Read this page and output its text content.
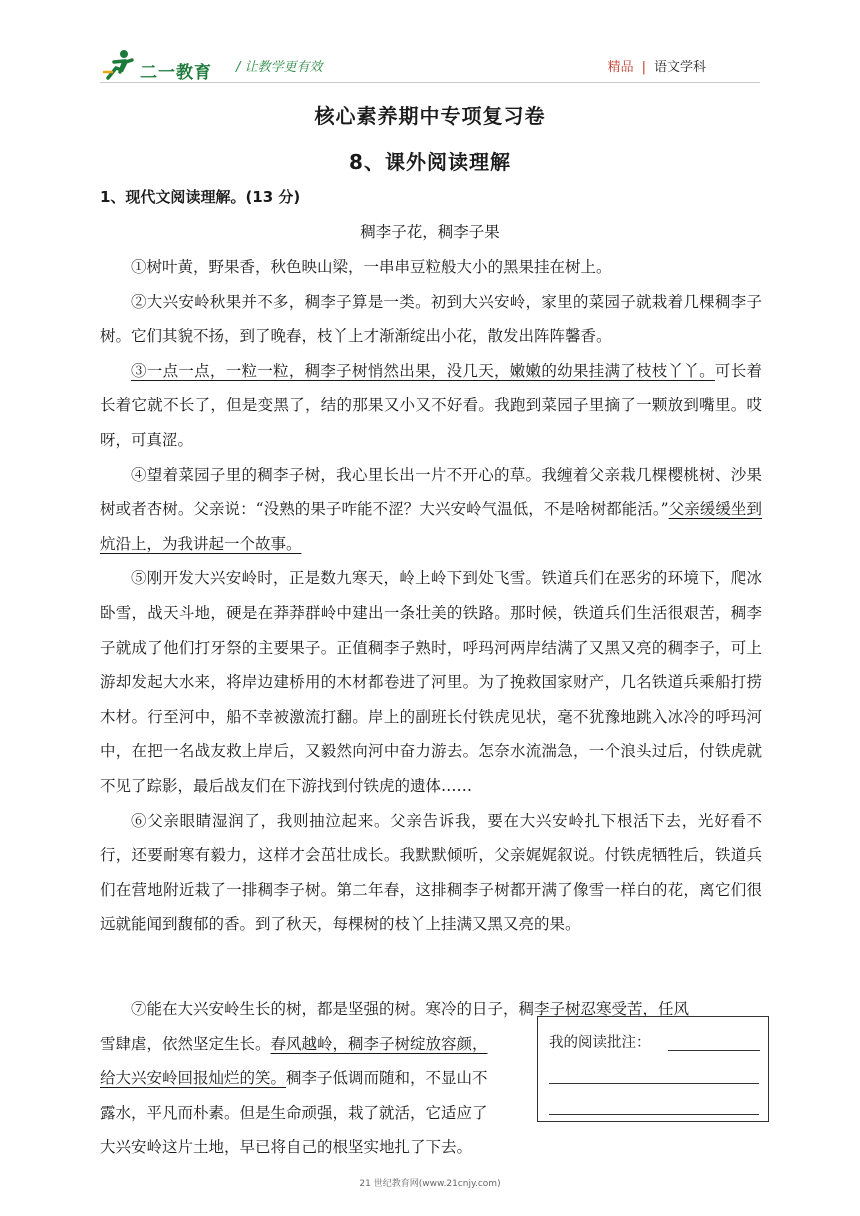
二一教育 / 让教学更有效	精品 | 语文学科
核心素养期中专项复习卷
8、课外阅读理解
1、现代文阅读理解。(13 分)
稠李子花，稠李子果

①树叶黄，野果香，秋色映山梁，一串串豆粒般大小的黑果挂在树上。

②大兴安岭秋果并不多，稠李子算是一类。初到大兴安岭，家里的菜园子就栽着几棵稠李子树。它们其貌不扬，到了晚春，枝丫上才渐渐绽出小花，散发出阵阵馨香。

③一点一点，一粒一粒，稠李子树悄然出果，没几天，嫩嫩的幼果挂满了枝枝丫丫。可长着长着它就不长了，但是变黑了，结的那果又小又不好看。我跑到菜园子里摘了一颗放到嘴里。哎呀，可真涩。

④望着菜园子里的稠李子树，我心里长出一片不开心的草。我缠着父亲栽几棵樱桃树、沙果树或者杏树。父亲说：“没熟的果子咋能不涩？大兴安岭气温低，不是啥树都能活。”父亲缓缓坐到炕沿上，为我讲起一个故事。

⑤刚开发大兴安岭时，正是数九寒天，岭上岭下到处飞雪。铁道兵们在恶劣的环境下，爬冰卧雪，战天斗地，硬是在莽莽群岭中建出一条壮美的铁路。那时候，铁道兵们生活很艰苦，稠李子就成了他们打牙祭的主要果子。正值稠李子熟时，呼玛河两岸结满了又黑又亮的稠李子，可上游却发起大水来，将岸边建桥用的木材都卷进了河里。为了挽救国家财产，几名铁道兵乘船打捞木材。行至河中，船不幸被激流打翻。岸上的副班长付铁虎见状，毫不犹豫地跳入冰冷的呼玛河中，在把一名战友救上岸后，又毅然向河中奋力游去。怎奈水流湍急，一个浪头过后，付铁虎就不见了踪影，最后战友们在下游找到付铁虎的遗体……

⑥父亲眼睛湿润了，我则抽泣起来。父亲告诉我，要在大兴安岭扎下根活下去，光好看不行，还要耐寒有毅力，这样才会茁壮成长。我默默倾听，父亲娓娓叙说。付铁虎牺牲后，铁道兵们在营地附近栽了一排稠李子树。第二年春，这排稠李子树都开满了像雪一样白的花，离它们很远就能闻到馥郁的香。到了秋天，每棵树的枝丫上挂满又黑又亮的果。

⑦能在大兴安岭生长的树，都是坚强的树。寒冷的日子，稠李子树忍寒受苦，任风

雪肆虐，依然坚定生长。春风越岭，稠李子树绽放容颜，

给大兴安岭回报灿烂的笑。稠李子低调而随和，不显山不

露水，平凡而朴素。但是生命顽强，栽了就活，它适应了

大兴安岭这片土地，早已将自己的根坚实地扎了下去。

我的阅读批注：
21 世纪教育网(www.21cnjy.com)
